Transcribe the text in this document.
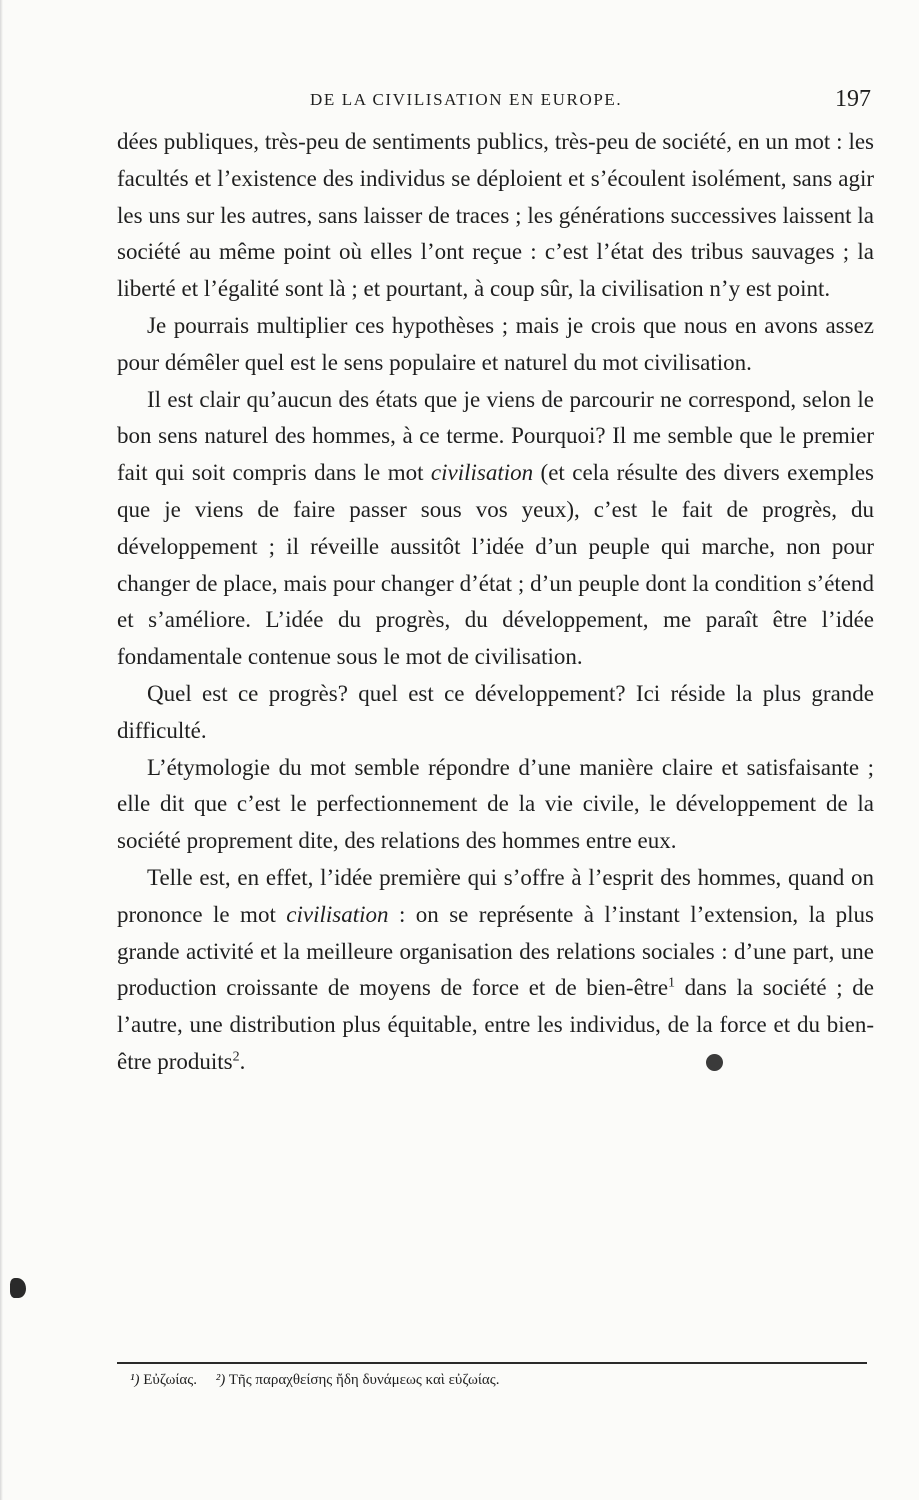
DE LA CIVILISATION EN EUROPE.	197

dées publiques, très-peu de sentiments publics, très-peu de société, en un mot : les facultés et l’existence des individus se déploient et s’écoulent isolément, sans agir les uns sur les autres, sans laisser de traces ; les générations successives laissent la société au même point où elles l’ont reçue : c’est l’état des tribus sauvages ; la liberté et l’égalité sont là ; et pourtant, à coup sûr, la civilisation n’y est point.

Je pourrais multiplier ces hypothèses ; mais je crois que nous en avons assez pour démêler quel est le sens populaire et naturel du mot civilisation.

Il est clair qu’aucun des états que je viens de parcourir ne correspond, selon le bon sens naturel des hommes, à ce terme. Pourquoi? Il me semble que le premier fait qui soit compris dans le mot civilisation (et cela résulte des divers exemples que je viens de faire passer sous vos yeux), c’est le fait de progrès, du développement ; il réveille aussitôt l’idée d’un peuple qui marche, non pour changer de place, mais pour changer d’état ; d’un peuple dont la condition s’étend et s’améliore. L’idée du progrès, du développement, me paraît être l’idée fondamentale contenue sous le mot de civilisation.

Quel est ce progrès? quel est ce développement? Ici réside la plus grande difficulté.

L’étymologie du mot semble répondre d’une manière claire et satisfaisante ; elle dit que c’est le perfectionnement de la vie civile, le développement de la société proprement dite, des relations des hommes entre eux.

Telle est, en effet, l’idée première qui s’offre à l’esprit des hommes, quand on prononce le mot civilisation : on se représente à l’instant l’extension, la plus grande activité et la meilleure organisation des relations sociales : d’une part, une production croissante de moyens de force et de bien-être$^1$ dans la société ; de l’autre, une distribution plus équitable, entre les individus, de la force et du bien-être produits$^2$.

¹) Εὐζωίας. ²) Τῆς παραχθείσης ἤδη δυνάμεως καὶ εὐζωίας.
